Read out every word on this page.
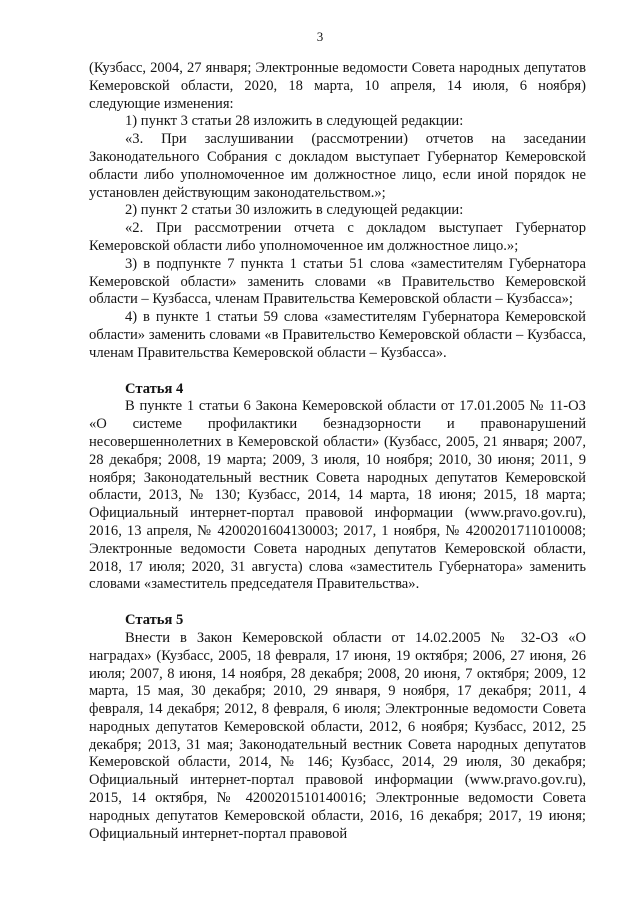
3

(Кузбасс, 2004, 27 января; Электронные ведомости Совета народных депутатов Кемеровской области, 2020, 18 марта, 10 апреля, 14 июля, 6 ноября) следующие изменения:

1) пункт 3 статьи 28 изложить в следующей редакции:

«3. При заслушивании (рассмотрении) отчетов на заседании Законодательного Собрания с докладом выступает Губернатор Кемеровской области либо уполномоченное им должностное лицо, если иной порядок не установлен действующим законодательством.»;

2) пункт 2 статьи 30 изложить в следующей редакции:

«2. При рассмотрении отчета с докладом выступает Губернатор Кемеровской области либо уполномоченное им должностное лицо.»;

3) в подпункте 7 пункта 1 статьи 51 слова «заместителям Губернатора Кемеровской области» заменить словами «в Правительство Кемеровской области – Кузбасса, членам Правительства Кемеровской области – Кузбасса»;

4) в пункте 1 статьи 59 слова «заместителям Губернатора Кемеровской области» заменить словами «в Правительство Кемеровской области – Кузбасса, членам Правительства Кемеровской области – Кузбасса».

Статья 4

В пункте 1 статьи 6 Закона Кемеровской области от 17.01.2005 № 11-ОЗ «О системе профилактики безнадзорности и правонарушений несовершеннолетних в Кемеровской области» (Кузбасс, 2005, 21 января; 2007, 28 декабря; 2008, 19 марта; 2009, 3 июля, 10 ноября; 2010, 30 июня; 2011, 9 ноября; Законодательный вестник Совета народных депутатов Кемеровской области, 2013, № 130; Кузбасс, 2014, 14 марта, 18 июня; 2015, 18 марта; Официальный интернет-портал правовой информации (www.pravo.gov.ru), 2016, 13 апреля, № 4200201604130003; 2017, 1 ноября, № 4200201711010008; Электронные ведомости Совета народных депутатов Кемеровской области, 2018, 17 июля; 2020, 31 августа) слова «заместитель Губернатора» заменить словами «заместитель председателя Правительства».

Статья 5

Внести в Закон Кемеровской области от 14.02.2005 № 32-ОЗ «О наградах» (Кузбасс, 2005, 18 февраля, 17 июня, 19 октября; 2006, 27 июня, 26 июля; 2007, 8 июня, 14 ноября, 28 декабря; 2008, 20 июня, 7 октября; 2009, 12 марта, 15 мая, 30 декабря; 2010, 29 января, 9 ноября, 17 декабря; 2011, 4 февраля, 14 декабря; 2012, 8 февраля, 6 июля; Электронные ведомости Совета народных депутатов Кемеровской области, 2012, 6 ноября; Кузбасс, 2012, 25 декабря; 2013, 31 мая; Законодательный вестник Совета народных депутатов Кемеровской области, 2014, № 146; Кузбасс, 2014, 29 июля, 30 декабря; Официальный интернет-портал правовой информации (www.pravo.gov.ru), 2015, 14 октября, № 4200201510140016; Электронные ведомости Совета народных депутатов Кемеровской области, 2016, 16 декабря; 2017, 19 июня; Официальный интернет-портал правовой
